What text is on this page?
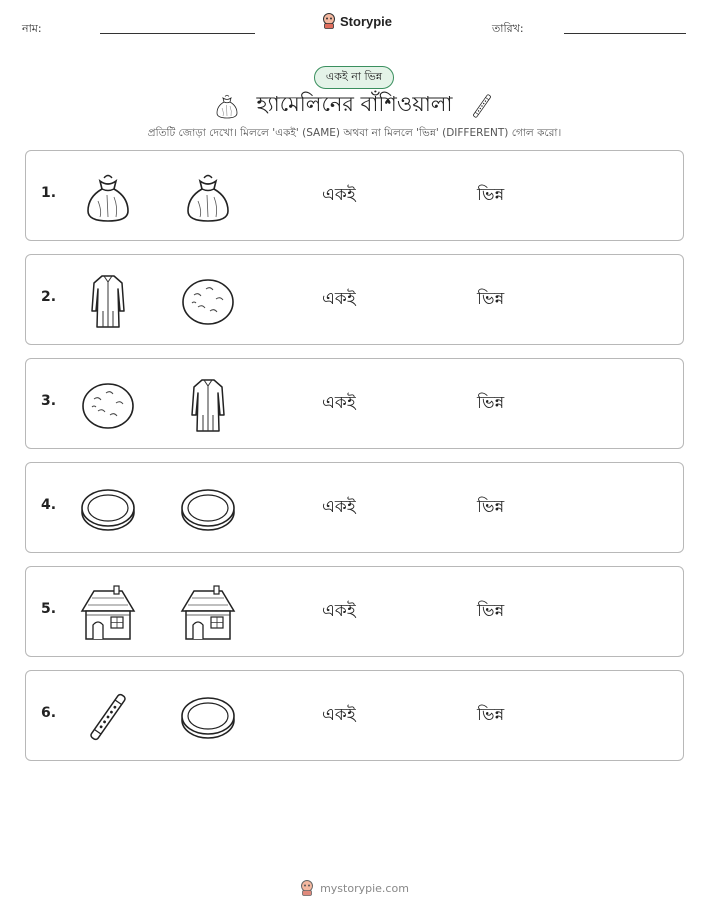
নাম:	Storypie	তারিখ:
একই না ভিন্ন
হ্যামেলিনের বাঁশিওয়ালা
প্রতিটি জোড়া দেখো। মিললে 'একই' (SAME) অথবা না মিললে 'ভিন্ন' (DIFFERENT) গোল করো।
1.	একই	ভিন্ন
2.	একই	ভিন্ন
3.	একই	ভিন্ন
4.	একই	ভিন্ন
5.	একই	ভিন্ন
6.	একই	ভিন্ন
mystorypie.com
